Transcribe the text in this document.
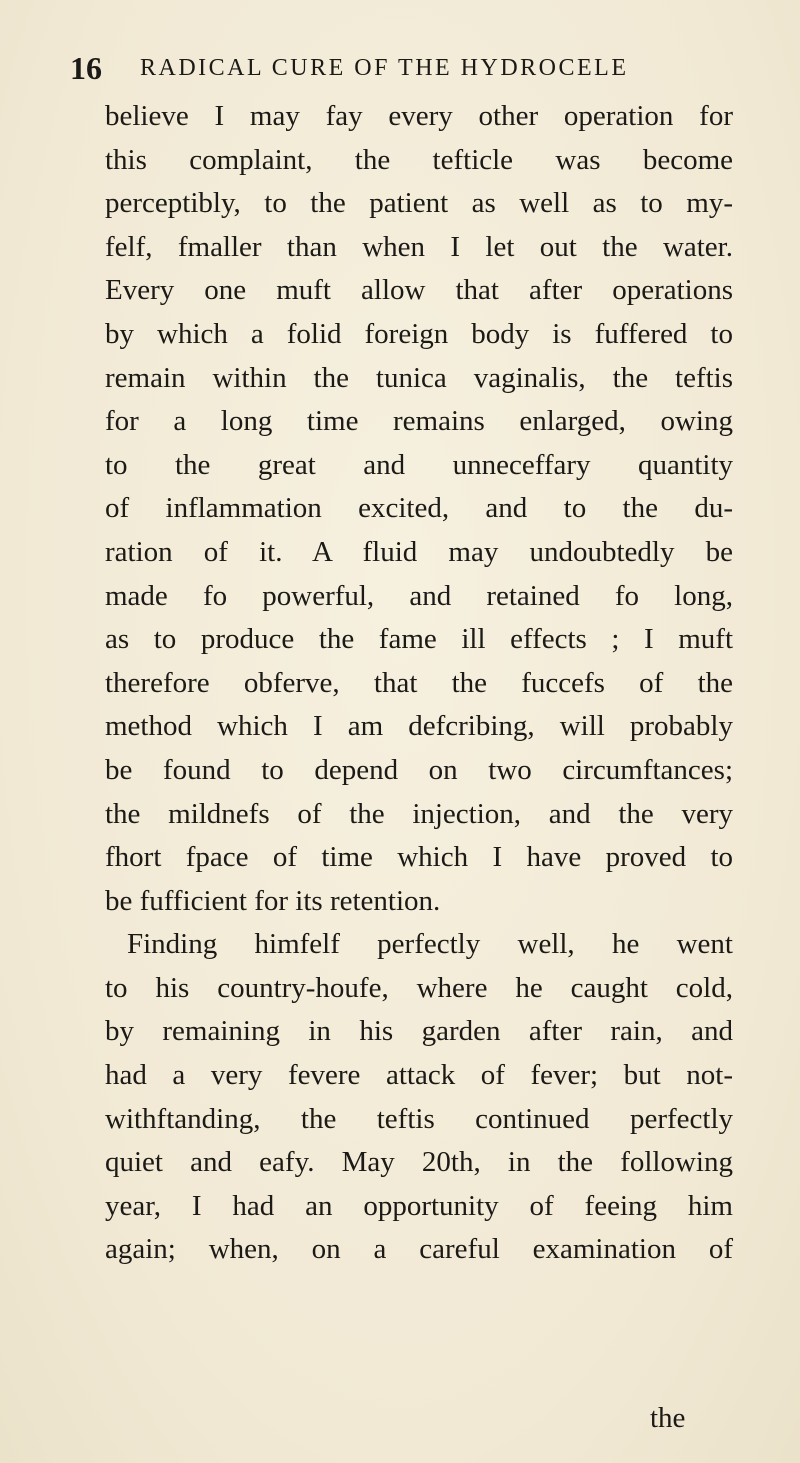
16 RADICAL CURE OF THE HYDROCELE
believe I may fay every other operation for
this complaint, the tefticle was become
perceptibly, to the patient as well as to my-
felf, fmaller than when I let out the water.
Every one muft allow that after operations
by which a folid foreign body is fuffered to
remain within the tunica vaginalis, the teftis
for a long time remains enlarged, owing
to the great and unneceffary quantity
of inflammation excited, and to the du-
ration of it. A fluid may undoubtedly be
made fo powerful, and retained fo long,
as to produce the fame ill effects ; I muft
therefore obferve, that the fuccefs of the
method which I am defcribing, will probably
be found to depend on two circumftances;
the mildnefs of the injection, and the very
fhort fpace of time which I have proved to
be fufficient for its retention.
Finding himfelf perfectly well, he went
to his country-houfe, where he caught cold,
by remaining in his garden after rain, and
had a very fevere attack of fever; but not-
withftanding, the teftis continued perfectly
quiet and eafy. May 20th, in the following
year, I had an opportunity of feeing him
again; when, on a careful examination of
the
